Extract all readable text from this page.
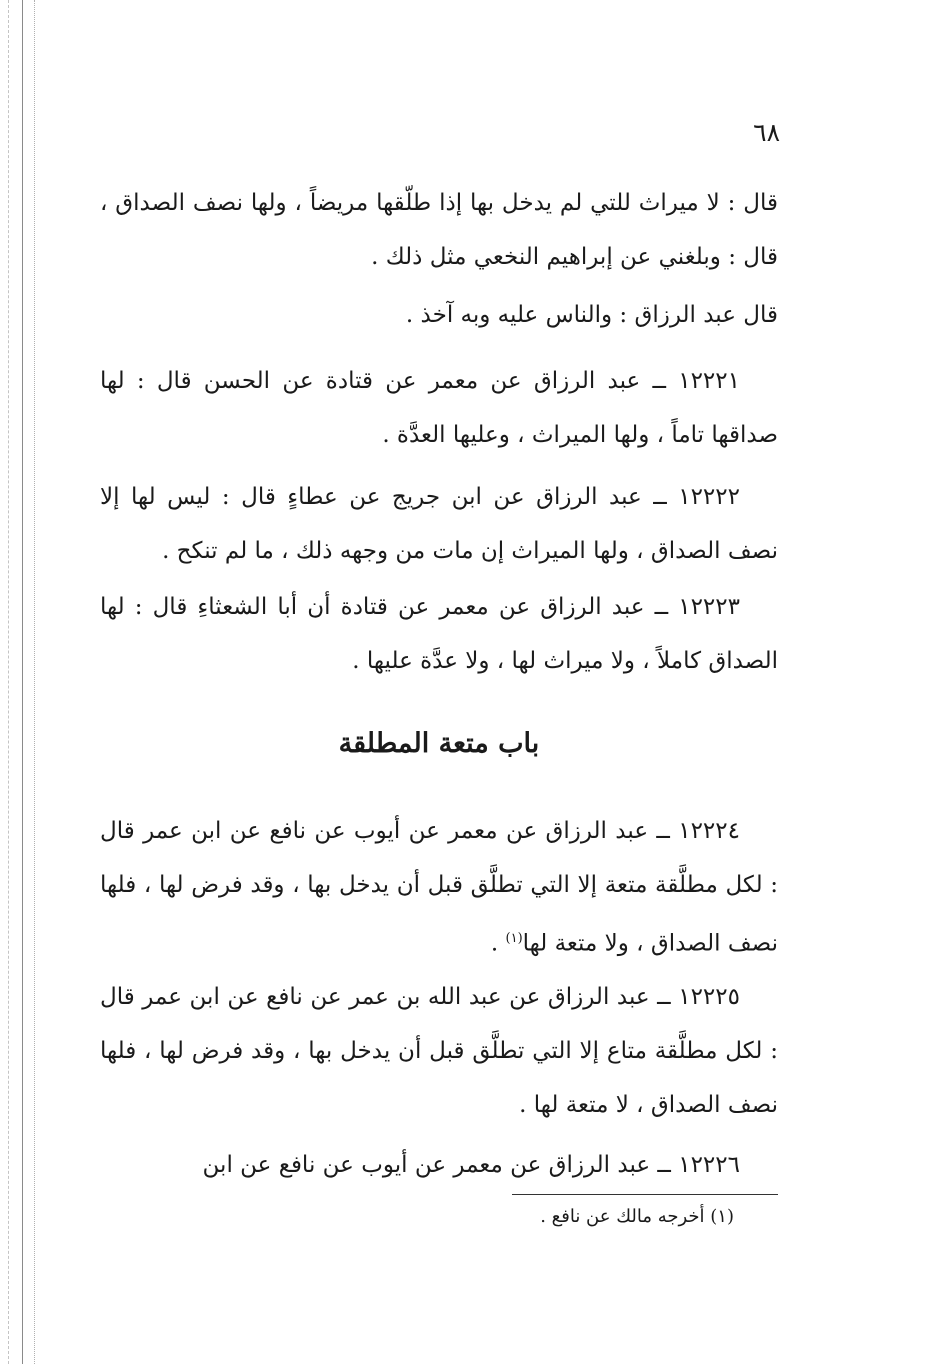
٦٨

قال : لا ميراث للتي لم يدخل بها إذا طلّقها مريضاً ، ولها نصف الصداق ، قال : وبلغني عن إبراهيم النخعي مثل ذلك .

قال عبد الرزاق : والناس عليه وبه آخذ .

١٢٢٢١ ــ عبد الرزاق عن معمر عن قتادة عن الحسن قال : لها صداقها تاماً ، ولها الميراث ، وعليها العدَّة .

١٢٢٢٢ ــ عبد الرزاق عن ابن جريج عن عطاءٍ قال : ليس لها إلا نصف الصداق ، ولها الميراث إن مات من وجهه ذلك ، ما لم تنكح .

١٢٢٢٣ ــ عبد الرزاق عن معمر عن قتادة أن أبا الشعثاءِ قال : لها الصداق كاملاً ، ولا ميراث لها ، ولا عدَّة عليها .

باب متعة المطلقة

١٢٢٢٤ ــ عبد الرزاق عن معمر عن أيوب عن نافع عن ابن عمر قال : لكل مطلَّقة متعة إلا التي تطلَّق قبل أن يدخل بها ، وقد فرض لها ، فلها نصف الصداق ، ولا متعة لها$^{(١)}$ .

١٢٢٢٥ ــ عبد الرزاق عن عبد الله بن عمر عن نافع عن ابن عمر قال : لكل مطلَّقة متاع إلا التي تطلَّق قبل أن يدخل بها ، وقد فرض لها ، فلها نصف الصداق ، لا متعة لها .

١٢٢٢٦ ــ عبد الرزاق عن معمر عن أيوب عن نافع عن ابن

(١) أخرجه مالك عن نافع .
